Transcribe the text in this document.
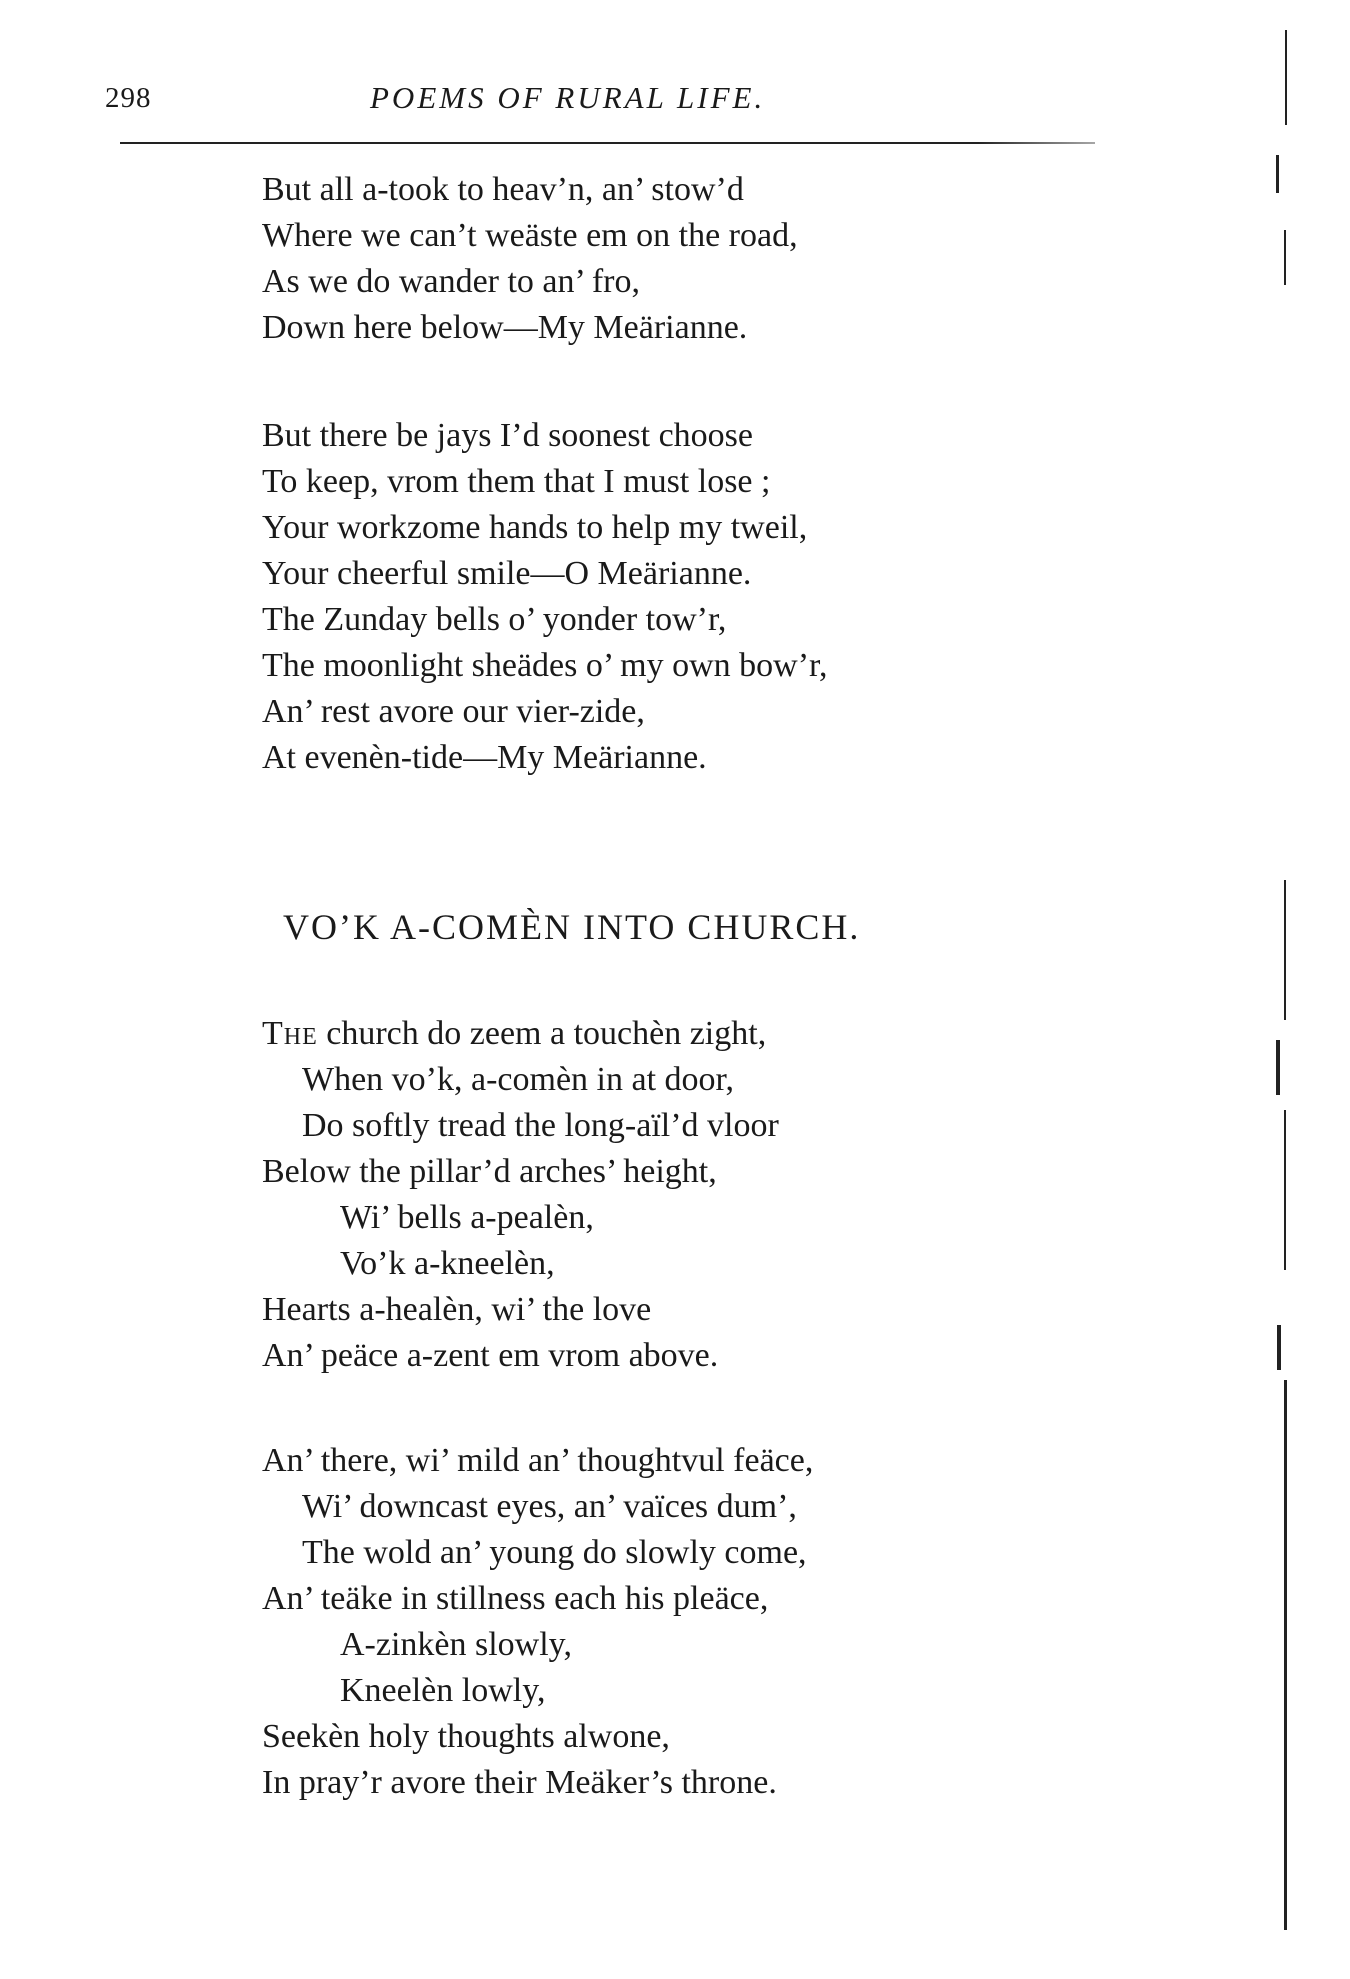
298	POEMS OF RURAL LIFE.
But all a-took to heav’n, an’ stow’d
Where we can’t weäste em on the road,
As we do wander to an’ fro,
Down here below—My Meärianne.
But there be jays I’d soonest choose
To keep, vrom them that I must lose ;
Your workzome hands to help my tweil,
Your cheerful smile—O Meärianne.
The Zunday bells o’ yonder tow’r,
The moonlight sheädes o’ my own bow’r,
An’ rest avore our vier-zide,
At evenèn-tide—My Meärianne.
VO’K A-COMÈN INTO CHURCH.
The church do zeem a touchèn zight,
When vo’k, a-comèn in at door,
Do softly tread the long-aïl’d vloor
Below the pillar’d arches’ height,
Wi’ bells a-pealèn,
Vo’k a-kneelèn,
Hearts a-healèn, wi’ the love
An’ peäce a-zent em vrom above.
An’ there, wi’ mild an’ thoughtvul feäce,
Wi’ downcast eyes, an’ vaïces dum’,
The wold an’ young do slowly come,
An’ teäke in stillness each his pleäce,
A-zinkèn slowly,
Kneelèn lowly,
Seekèn holy thoughts alwone,
In pray’r avore their Meäker’s throne.
